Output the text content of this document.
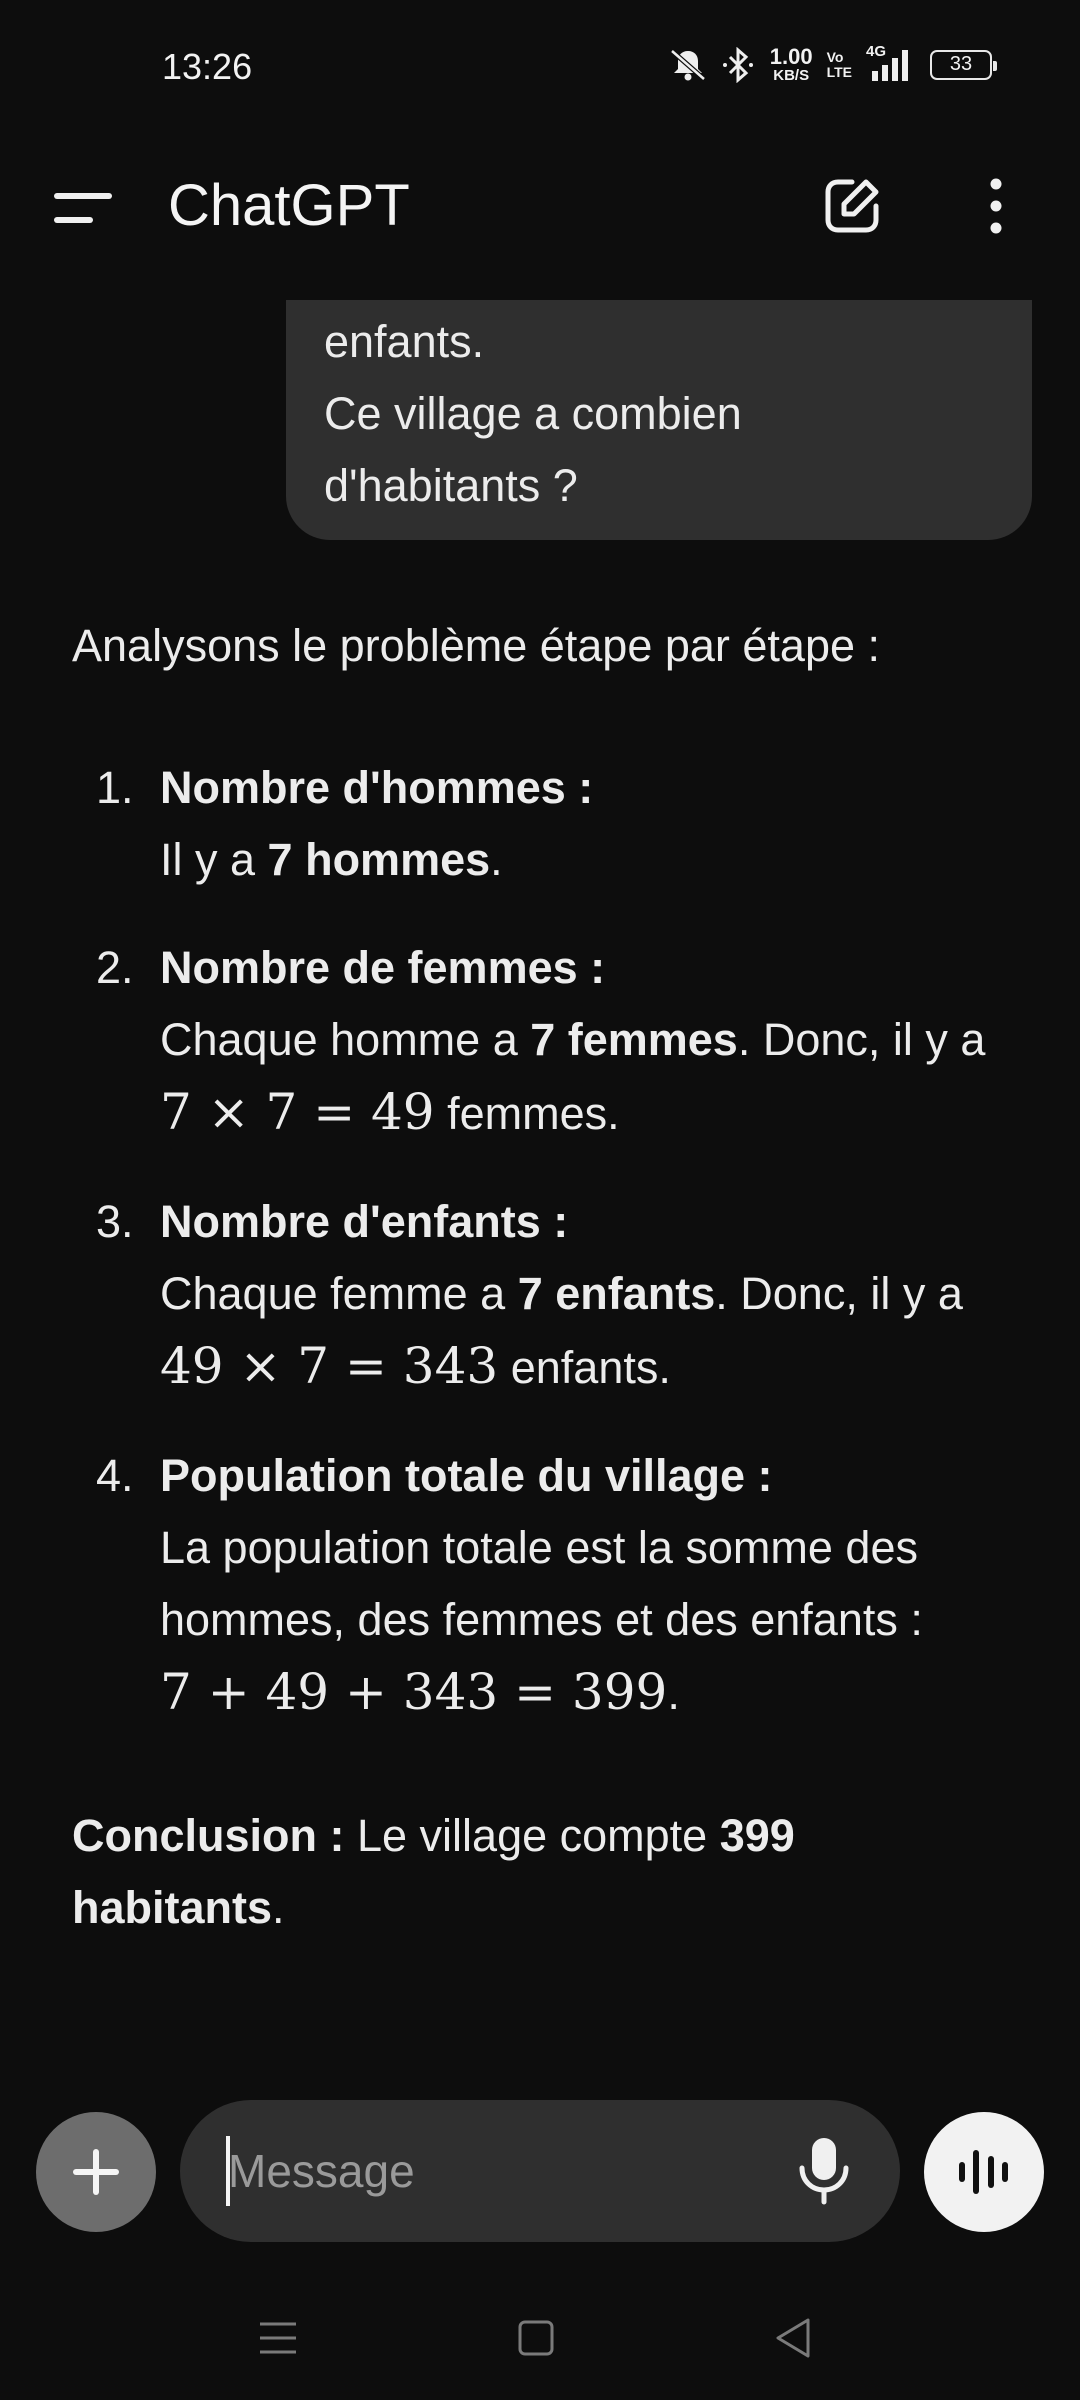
13:26	1.00
KB/S
Vo
LTE
4G
33
ChatGPT

enfants.

Ce village a combien

d'habitants ?

Analysons le problème étape par étape :

1. Nombre d'hommes :
Il y a 7 hommes.
2. Nombre de femmes :
Chaque homme a 7 femmes. Donc, il y a 7 × 7 = 49 femmes.
3. Nombre d'enfants :
Chaque femme a 7 enfants. Donc, il y a 49 × 7 = 343 enfants.
4. Population totale du village :
La population totale est la somme des hommes, des femmes et des enfants :
7 + 49 + 343 = 399.

Conclusion : Le village compte 399 habitants.

Message
